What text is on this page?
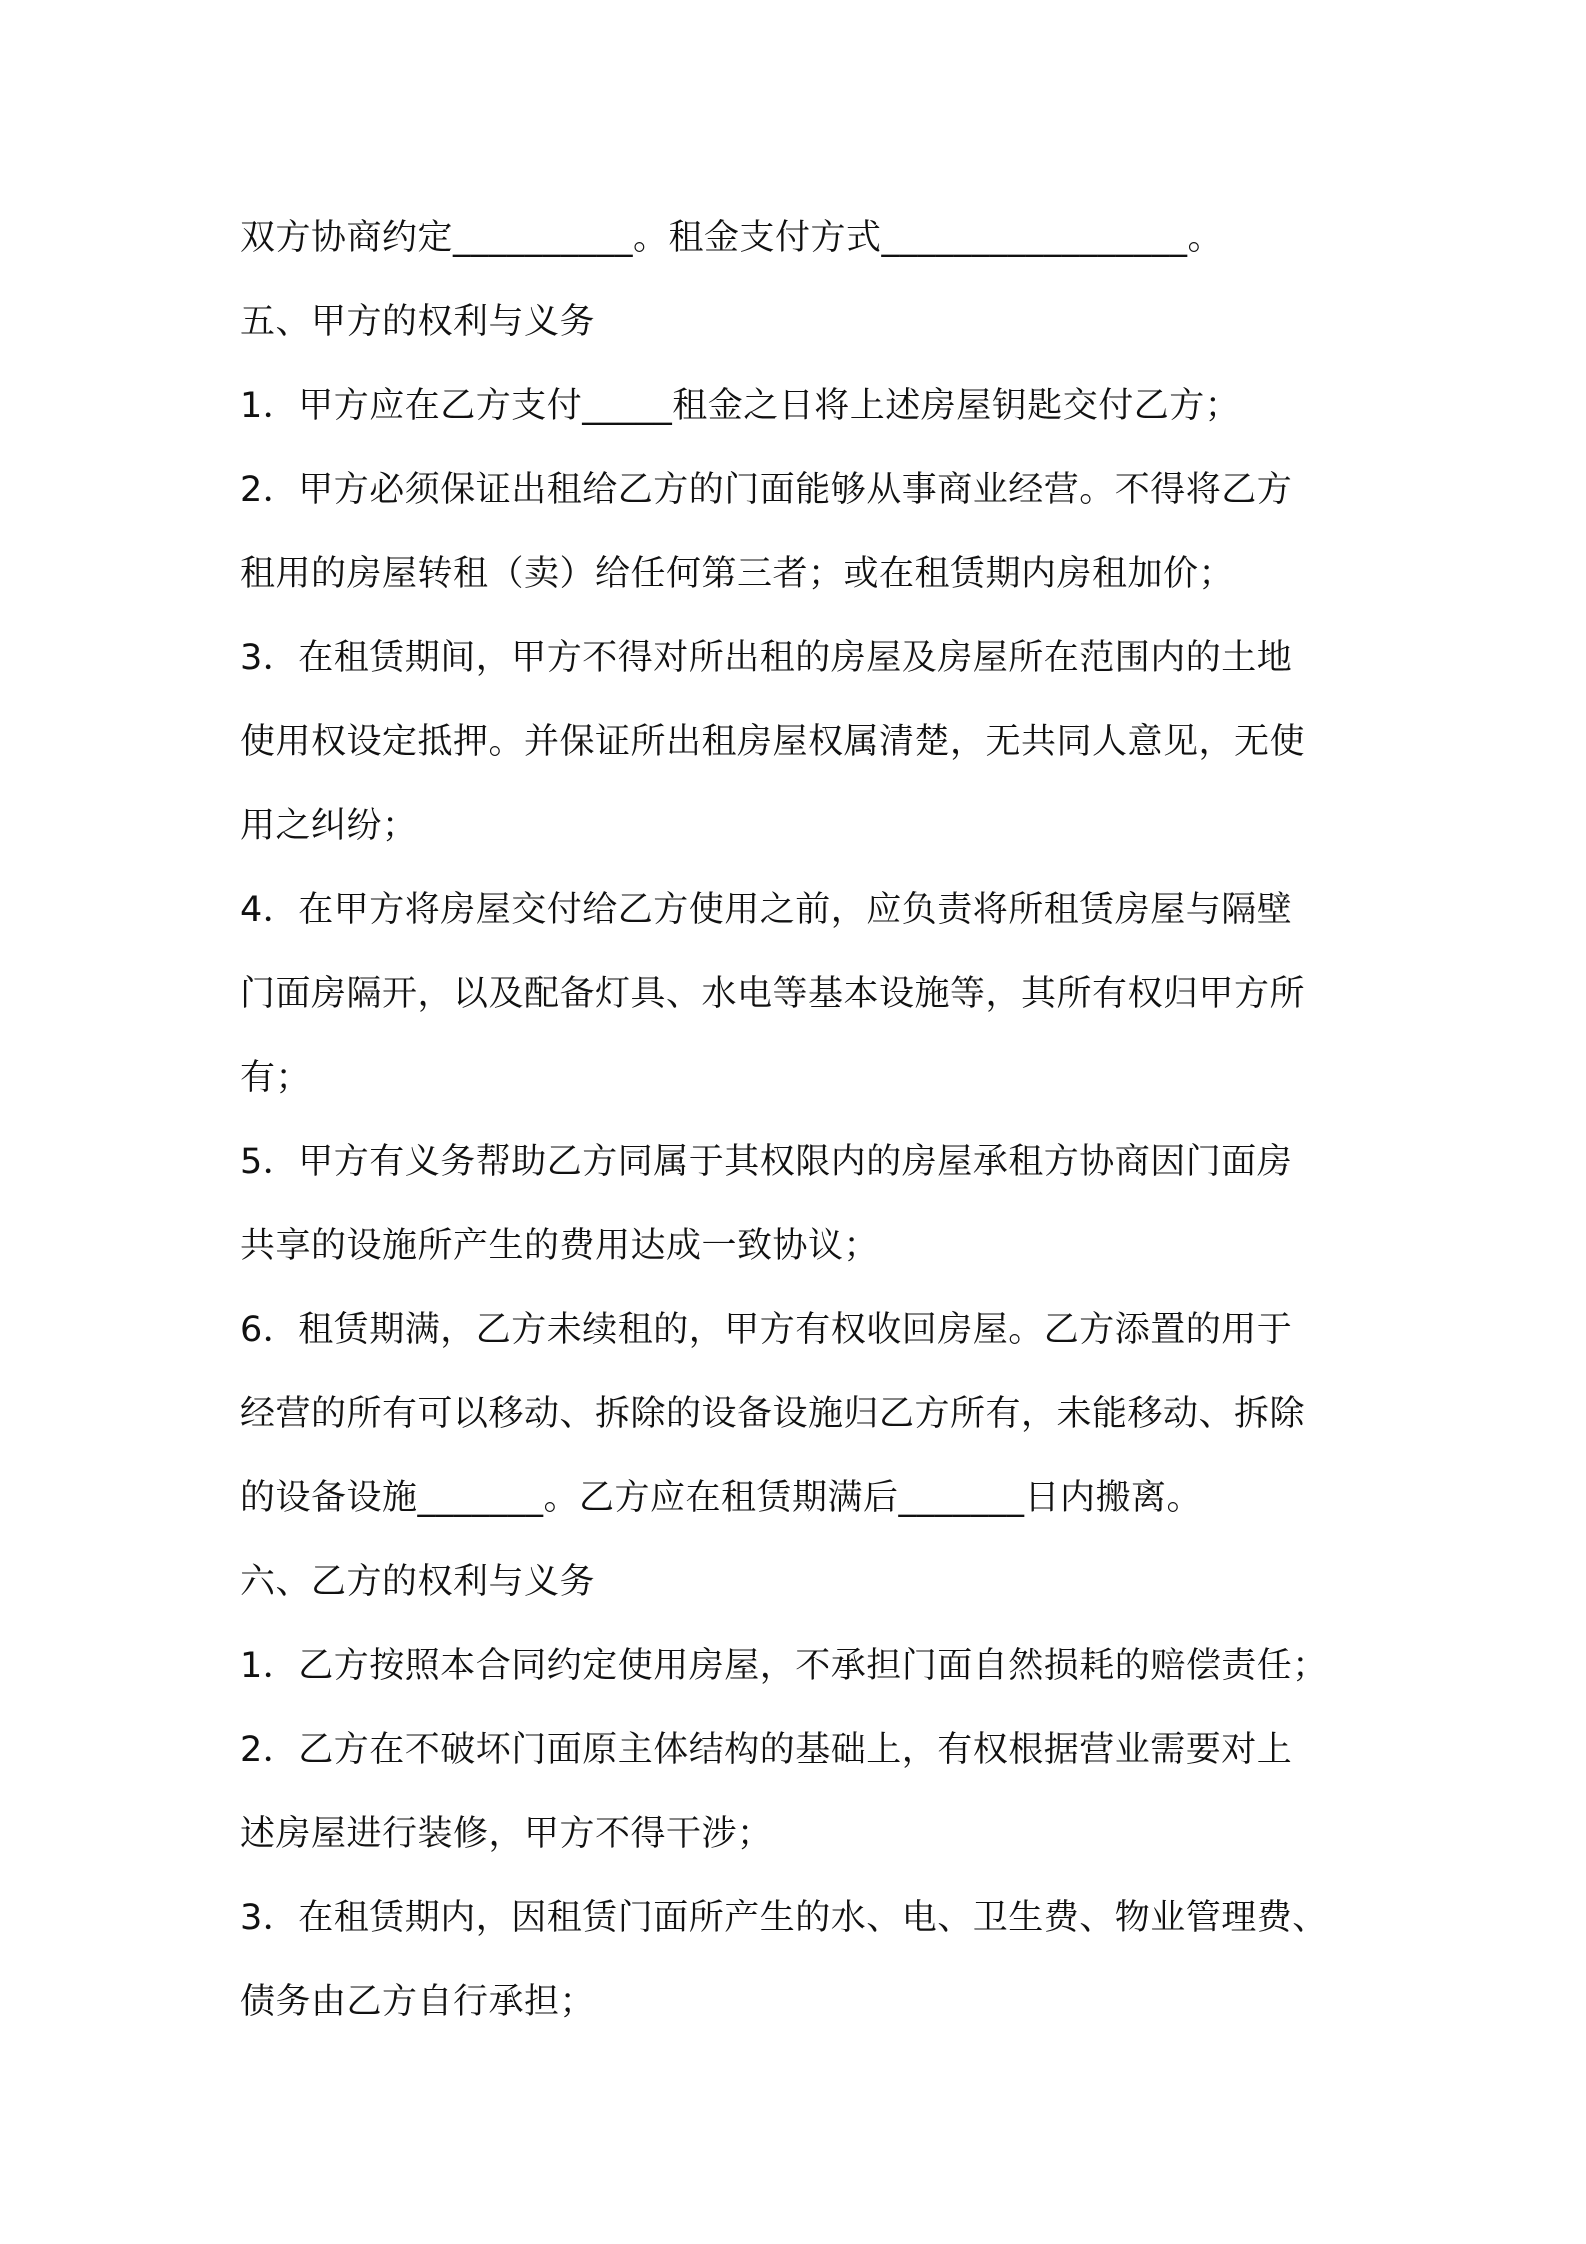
双方协商约定__________。租金支付方式_________________。
五、甲方的权利与义务
1．甲方应在乙方支付_____租金之日将上述房屋钥匙交付乙方；
2．甲方必须保证出租给乙方的门面能够从事商业经营。不得将乙方
租用的房屋转租（卖）给任何第三者；或在租赁期内房租加价；
3．在租赁期间，甲方不得对所出租的房屋及房屋所在范围内的土地
使用权设定抵押。并保证所出租房屋权属清楚，无共同人意见，无使
用之纠纷；
4．在甲方将房屋交付给乙方使用之前，应负责将所租赁房屋与隔壁
门面房隔开，以及配备灯具、水电等基本设施等，其所有权归甲方所
有；
5．甲方有义务帮助乙方同属于其权限内的房屋承租方协商因门面房
共享的设施所产生的费用达成一致协议；
6．租赁期满，乙方未续租的，甲方有权收回房屋。乙方添置的用于
经营的所有可以移动、拆除的设备设施归乙方所有，未能移动、拆除
的设备设施_______。乙方应在租赁期满后_______日内搬离。
六、乙方的权利与义务
1．乙方按照本合同约定使用房屋，不承担门面自然损耗的赔偿责任；
2．乙方在不破坏门面原主体结构的基础上，有权根据营业需要对上
述房屋进行装修，甲方不得干涉；
3．在租赁期内，因租赁门面所产生的水、电、卫生费、物业管理费、
债务由乙方自行承担；
